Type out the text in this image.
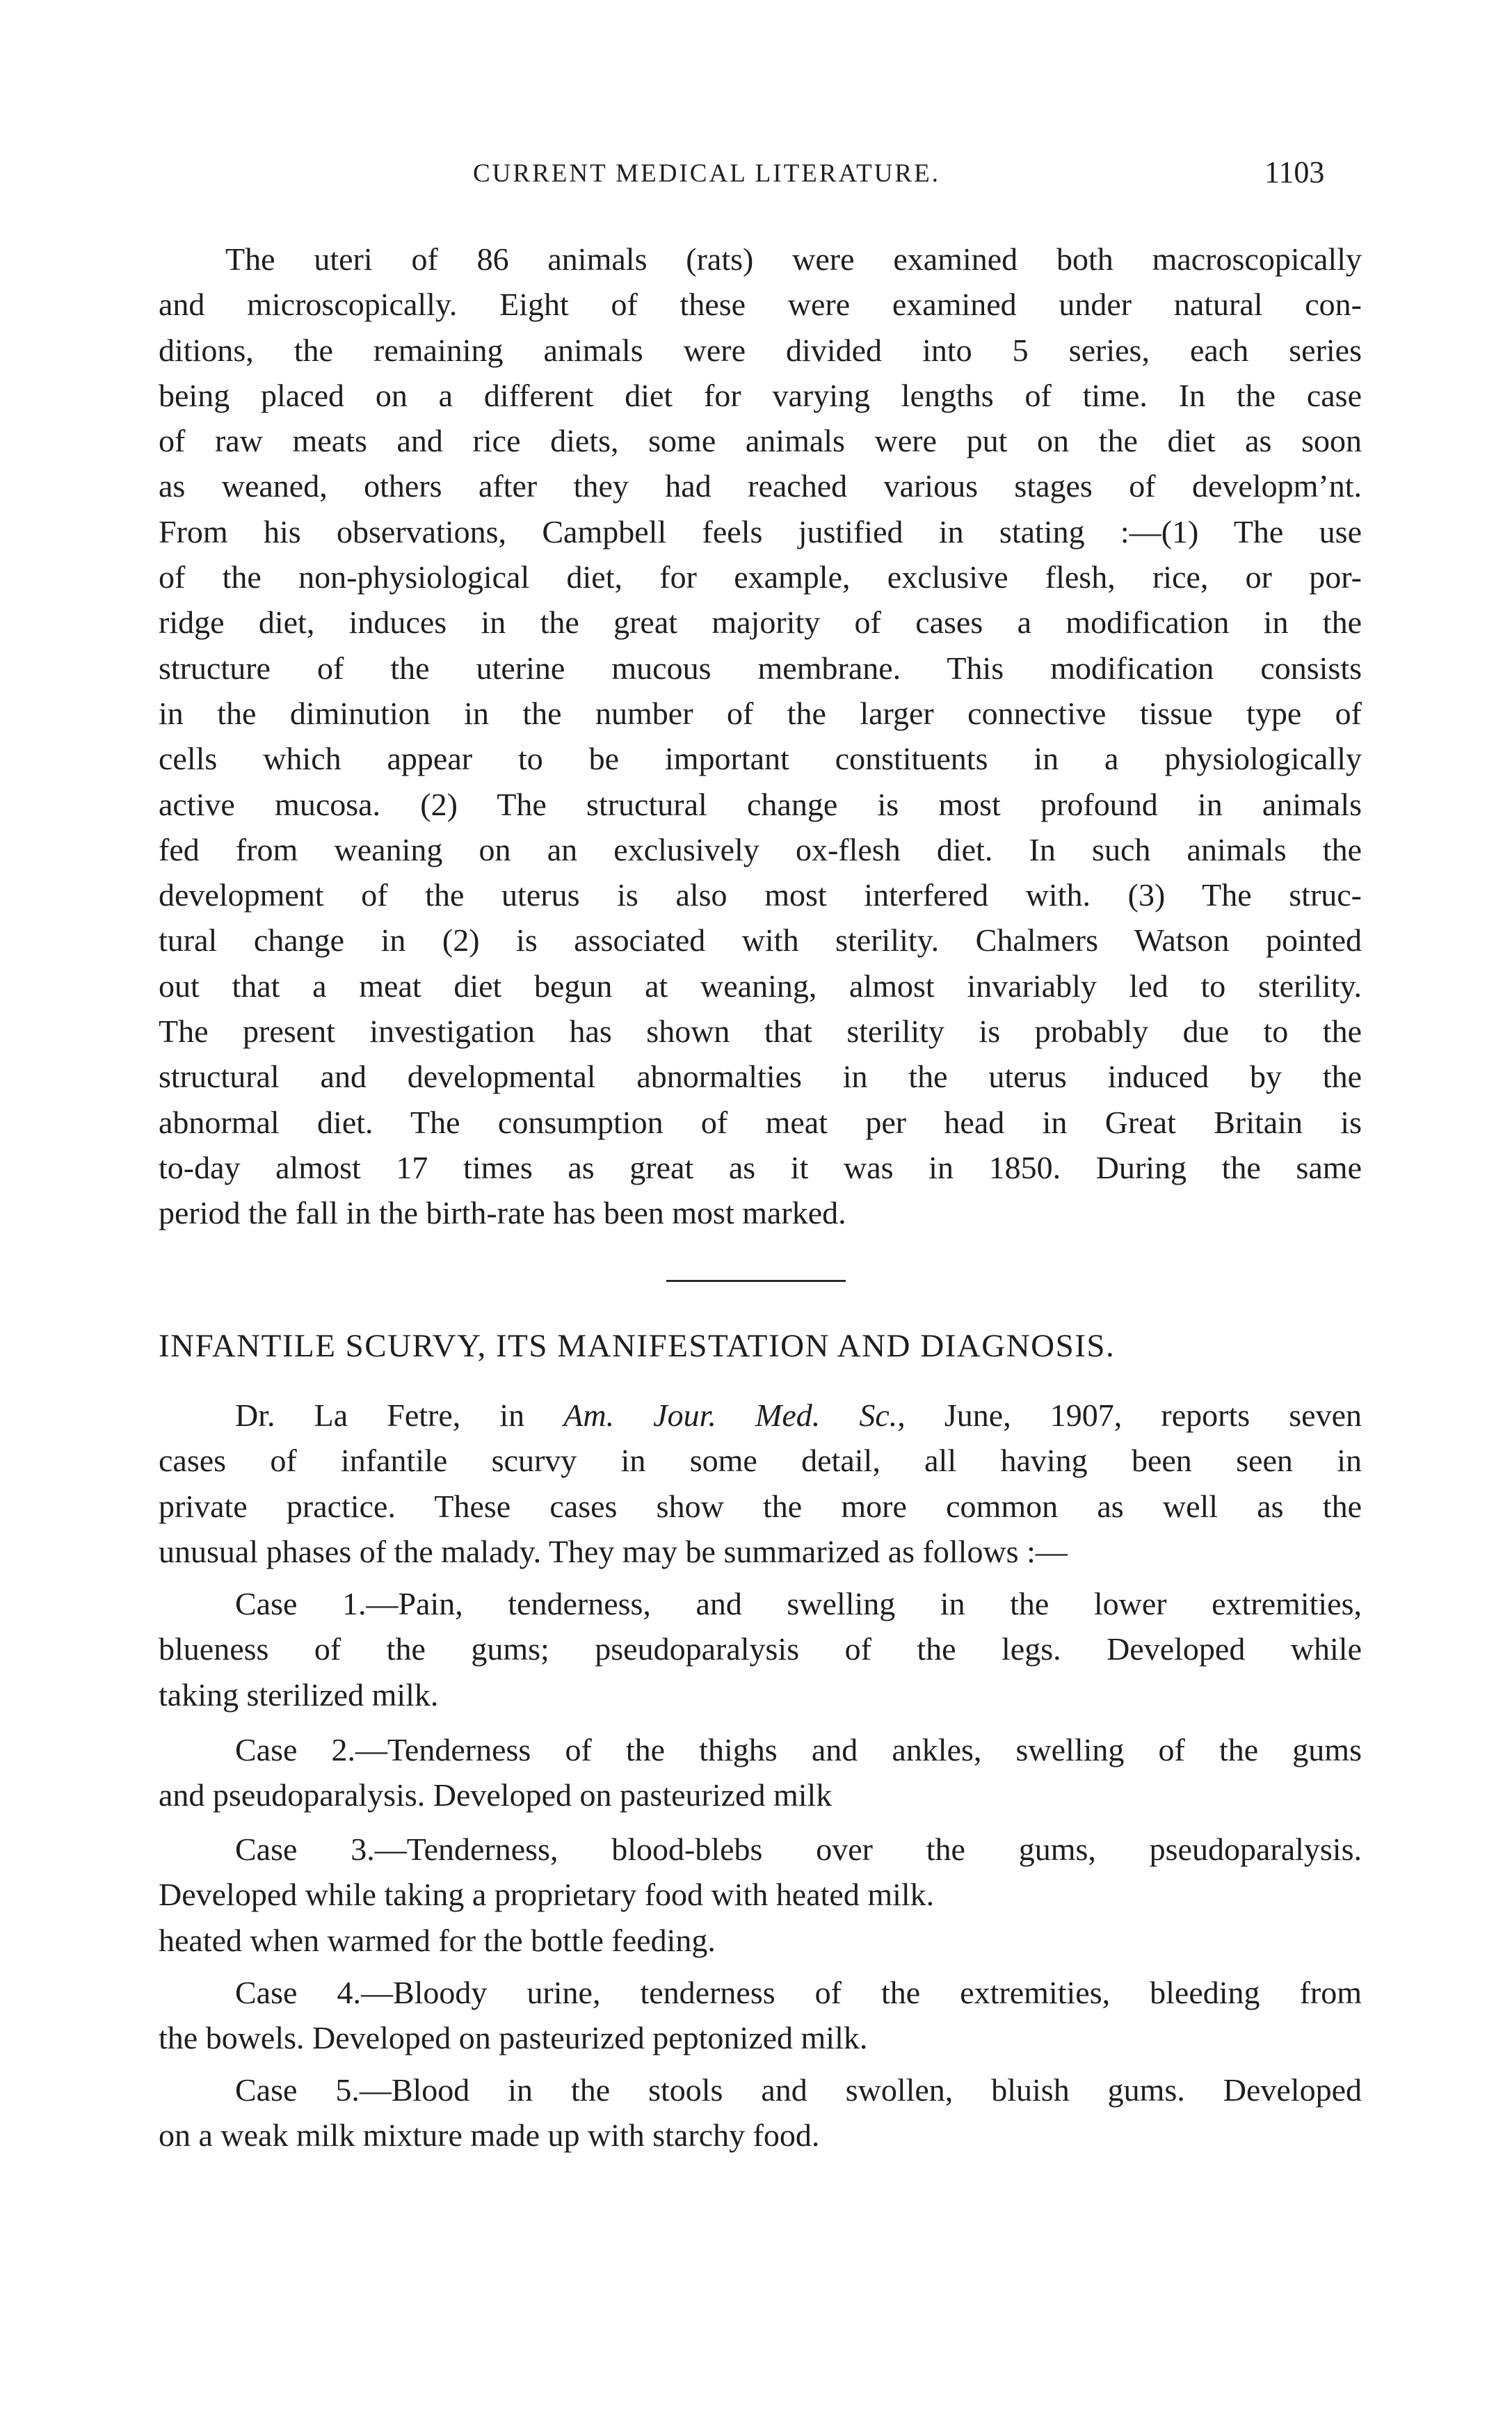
CURRENT MEDICAL LITERATURE.	1103
The uteri of 86 animals (rats) were examined both macroscopically
and microscopically. Eight of these were examined under natural con-
ditions, the remaining animals were divided into 5 series, each series
being placed on a different diet for varying lengths of time. In the case
of raw meats and rice diets, some animals were put on the diet as soon
as weaned, others after they had reached various stages of developm’nt.
From his observations, Campbell feels justified in stating :—(1) The use
of the non-physiological diet, for example, exclusive flesh, rice, or por-
ridge diet, induces in the great majority of cases a modification in the
structure of the uterine mucous membrane. This modification consists
in the diminution in the number of the larger connective tissue type of
cells which appear to be important constituents in a physiologically
active mucosa. (2) The structural change is most profound in animals
fed from weaning on an exclusively ox-flesh diet. In such animals the
development of the uterus is also most interfered with. (3) The struc-
tural change in (2) is associated with sterility. Chalmers Watson pointed
out that a meat diet begun at weaning, almost invariably led to sterility.
The present investigation has shown that sterility is probably due to the
structural and developmental abnormalties in the uterus induced by the
abnormal diet. The consumption of meat per head in Great Britain is
to-day almost 17 times as great as it was in 1850. During the same
period the fall in the birth-rate has been most marked.
INFANTILE SCURVY, ITS MANIFESTATION AND DIAGNOSIS.
Dr. La Fetre, in Am. Jour. Med. Sc., June, 1907, reports seven
cases of infantile scurvy in some detail, all having been seen in
private practice. These cases show the more common as well as the
unusual phases of the malady. They may be summarized as follows :—
Case 1.—Pain, tenderness, and swelling in the lower extremities,
blueness of the gums; pseudoparalysis of the legs. Developed while
taking sterilized milk.
Case 2.—Tenderness of the thighs and ankles, swelling of the gums
and pseudoparalysis. Developed on pasteurized milk
Case 3.—Tenderness, blood-blebs over the gums, pseudoparalysis.
Developed while taking a proprietary food with heated milk.
heated when warmed for the bottle feeding.
Case 4.—Bloody urine, tenderness of the extremities, bleeding from
the bowels. Developed on pasteurized peptonized milk.
Case 5.—Blood in the stools and swollen, bluish gums. Developed
on a weak milk mixture made up with starchy food.
